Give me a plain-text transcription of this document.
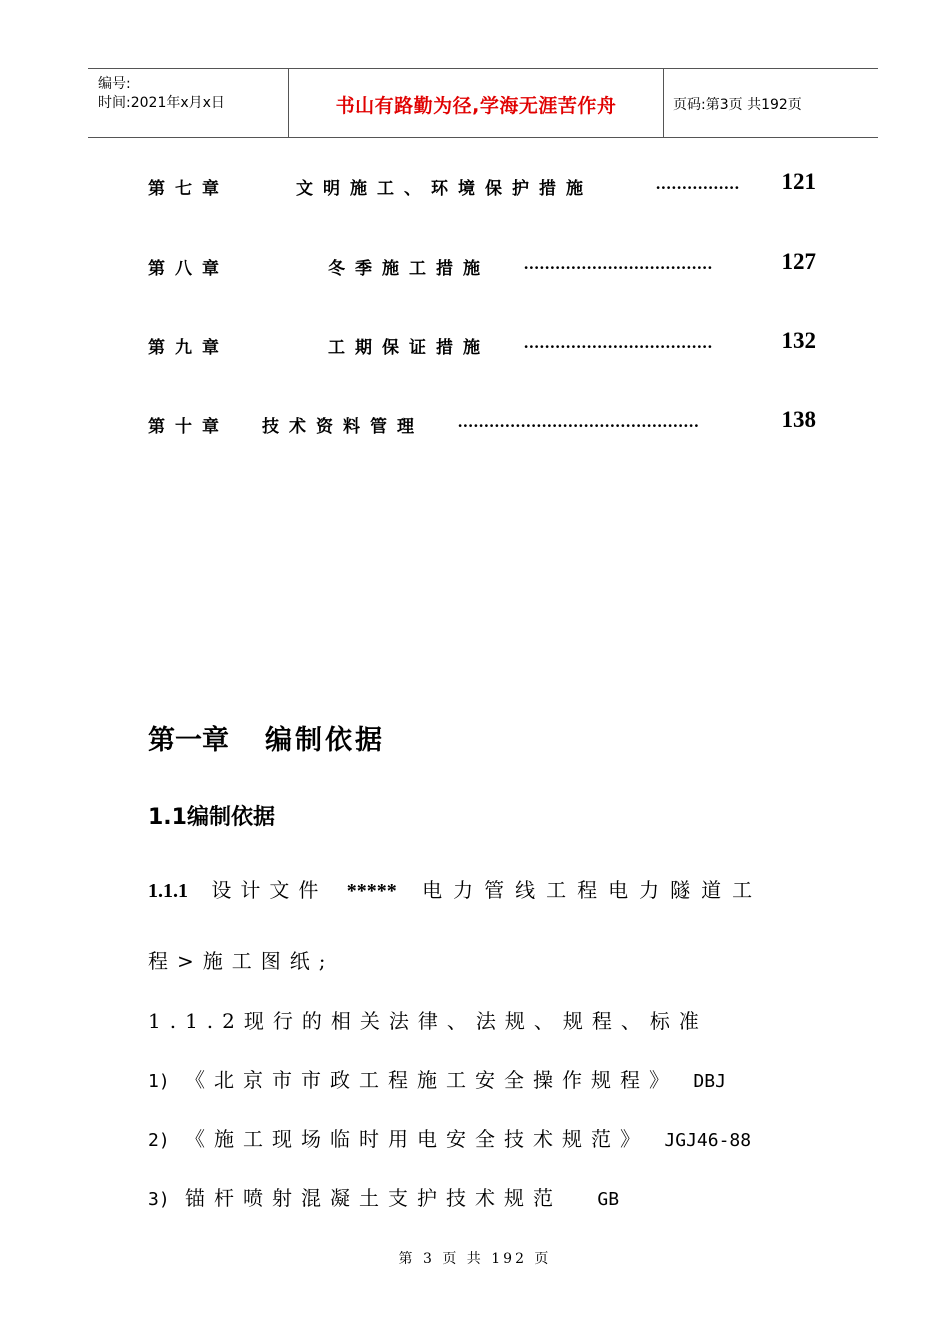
编号:
时间:2021年x月x日	书山有路勤为径,学海无涯苦作舟	页码:第3页 共192页
第七章	文明施工、环境保护措施	................	121
第八章	冬季施工措施 ....................................	127
第九章	工期保证措施 ....................................	132
第十章 技术资料管理 ..............................................	138
第一章 编制依据
1.1编制依据
1.1.1 设计文件 ***** 电力管线工程电力隧道工
程>施工图纸;
1.1.2现行的相关法律、法规、规程、标准
1) 《北京市市政工程施工安全操作规程》 DBJ
2) 《施工现场临时用电安全技术规范》 JGJ46-88
3) 锚杆喷射混凝土支护技术规范 GB
第 3 页 共 192 页
